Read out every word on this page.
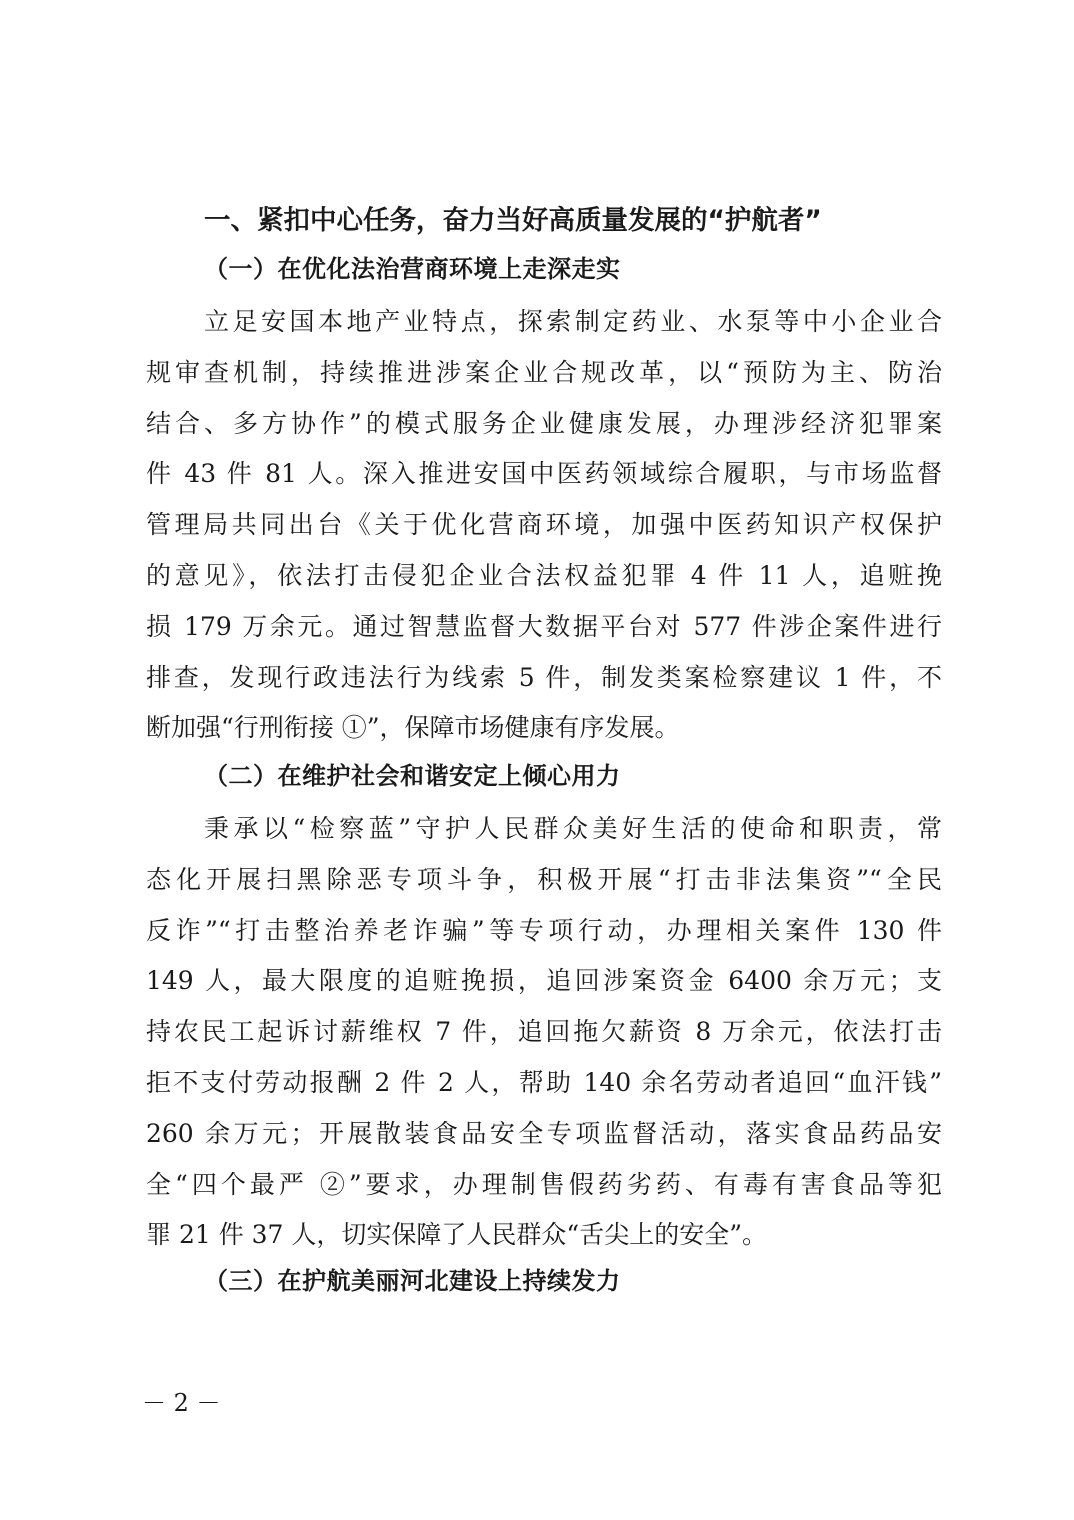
一、紧扣中心任务，奋力当好高质量发展的“护航者”
（一）在优化法治营商环境上走深走实
立足安国本地产业特点，探索制定药业、水泵等中小企业合
规审查机制，持续推进涉案企业合规改革，以“预防为主、防治
结合、多方协作”的模式服务企业健康发展，办理涉经济犯罪案
件 43 件 81 人。深入推进安国中医药领域综合履职，与市场监督
管理局共同出台《关于优化营商环境，加强中医药知识产权保护
的意见》，依法打击侵犯企业合法权益犯罪 4 件 11 人，追赃挽
损 179 万余元。通过智慧监督大数据平台对 577 件涉企案件进行
排查，发现行政违法行为线索 5 件，制发类案检察建议 1 件，不
断加强“行刑衔接 ①”，保障市场健康有序发展。
（二）在维护社会和谐安定上倾心用力
秉承以“检察蓝”守护人民群众美好生活的使命和职责，常
态化开展扫黑除恶专项斗争，积极开展“打击非法集资”“全民
反诈”“打击整治养老诈骗”等专项行动，办理相关案件 130 件
149 人，最大限度的追赃挽损，追回涉案资金 6400 余万元；支
持农民工起诉讨薪维权 7 件，追回拖欠薪资 8 万余元，依法打击
拒不支付劳动报酬 2 件 2 人，帮助 140 余名劳动者追回“血汗钱”
260 余万元；开展散装食品安全专项监督活动，落实食品药品安
全“四个最严 ②”要求，办理制售假药劣药、有毒有害食品等犯
罪 21 件 37 人，切实保障了人民群众“舌尖上的安全”。
（三）在护航美丽河北建设上持续发力
－ 2 －
